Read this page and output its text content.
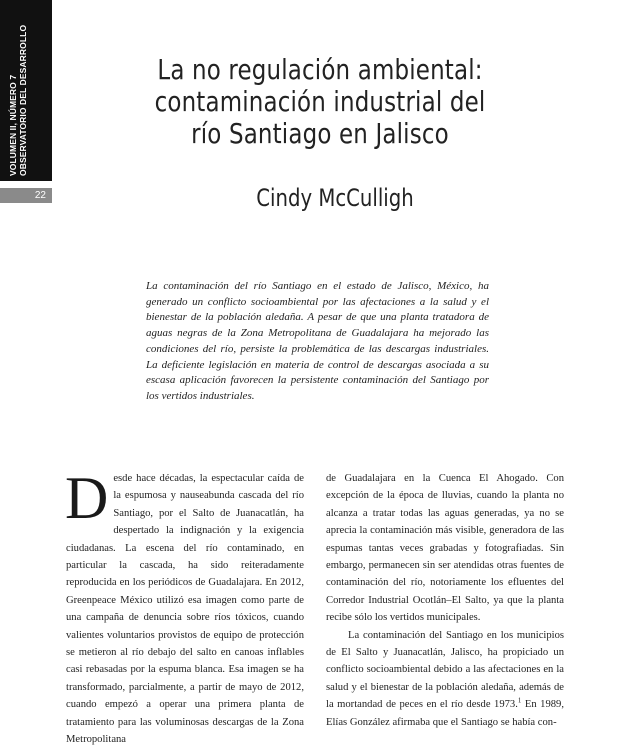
VOLUMEN II, NÚMERO 7 OBSERVATORIO DEL DESARROLLO
22
La no regulación ambiental:
contaminación industrial del
río Santiago en Jalisco
Cindy McCulligh

La contaminación del río Santiago en el estado de Jalisco, México, ha generado un conflicto socioambiental por las afectaciones a la salud y el bienestar de la población aledaña. A pesar de que una planta tratadora de aguas negras de la Zona Metropolitana de Guadalajara ha mejorado las condiciones del río, persiste la problemática de las descargas industriales. La deficiente legislación en materia de control de descargas asociada a su escasa aplicación favorecen la persistente contaminación del Santiago por los vertidos industriales.

Desde hace décadas, la espectacular caída de la espumosa y nauseabunda cascada del río Santiago, por el Salto de Juanacatlán, ha despertado la indignación y la exigencia ciudadanas. La escena del río contaminado, en particular la cascada, ha sido reiteradamente reproducida en los periódicos de Guadalajara. En 2012, Greenpeace México utilizó esa imagen como parte de una campaña de denuncia sobre ríos tóxicos, cuando valientes voluntarios provistos de equipo de protección se metieron al río debajo del salto en canoas inflables casi rebasadas por la espuma blanca. Esa imagen se ha transformado, parcialmente, a partir de mayo de 2012, cuando empezó a operar una primera planta de tratamiento para las voluminosas descargas de la Zona Metropolitana

de Guadalajara en la Cuenca El Ahogado. Con excepción de la época de lluvias, cuando la planta no alcanza a tratar todas las aguas generadas, ya no se aprecia la contaminación más visible, generadora de las espumas tantas veces grabadas y fotografiadas. Sin embargo, permanecen sin ser atendidas otras fuentes de contaminación del río, notoriamente los efluentes del Corredor Industrial Ocotlán–El Salto, ya que la planta recibe sólo los vertidos municipales.

La contaminación del Santiago en los municipios de El Salto y Juanacatlán, Jalisco, ha propiciado un conflicto socioambiental debido a las afectaciones en la salud y el bienestar de la población aledaña, además de la mortandad de peces en el río desde 1973.$^1$ En 1989, Elías González afirmaba que el Santiago se había con-
